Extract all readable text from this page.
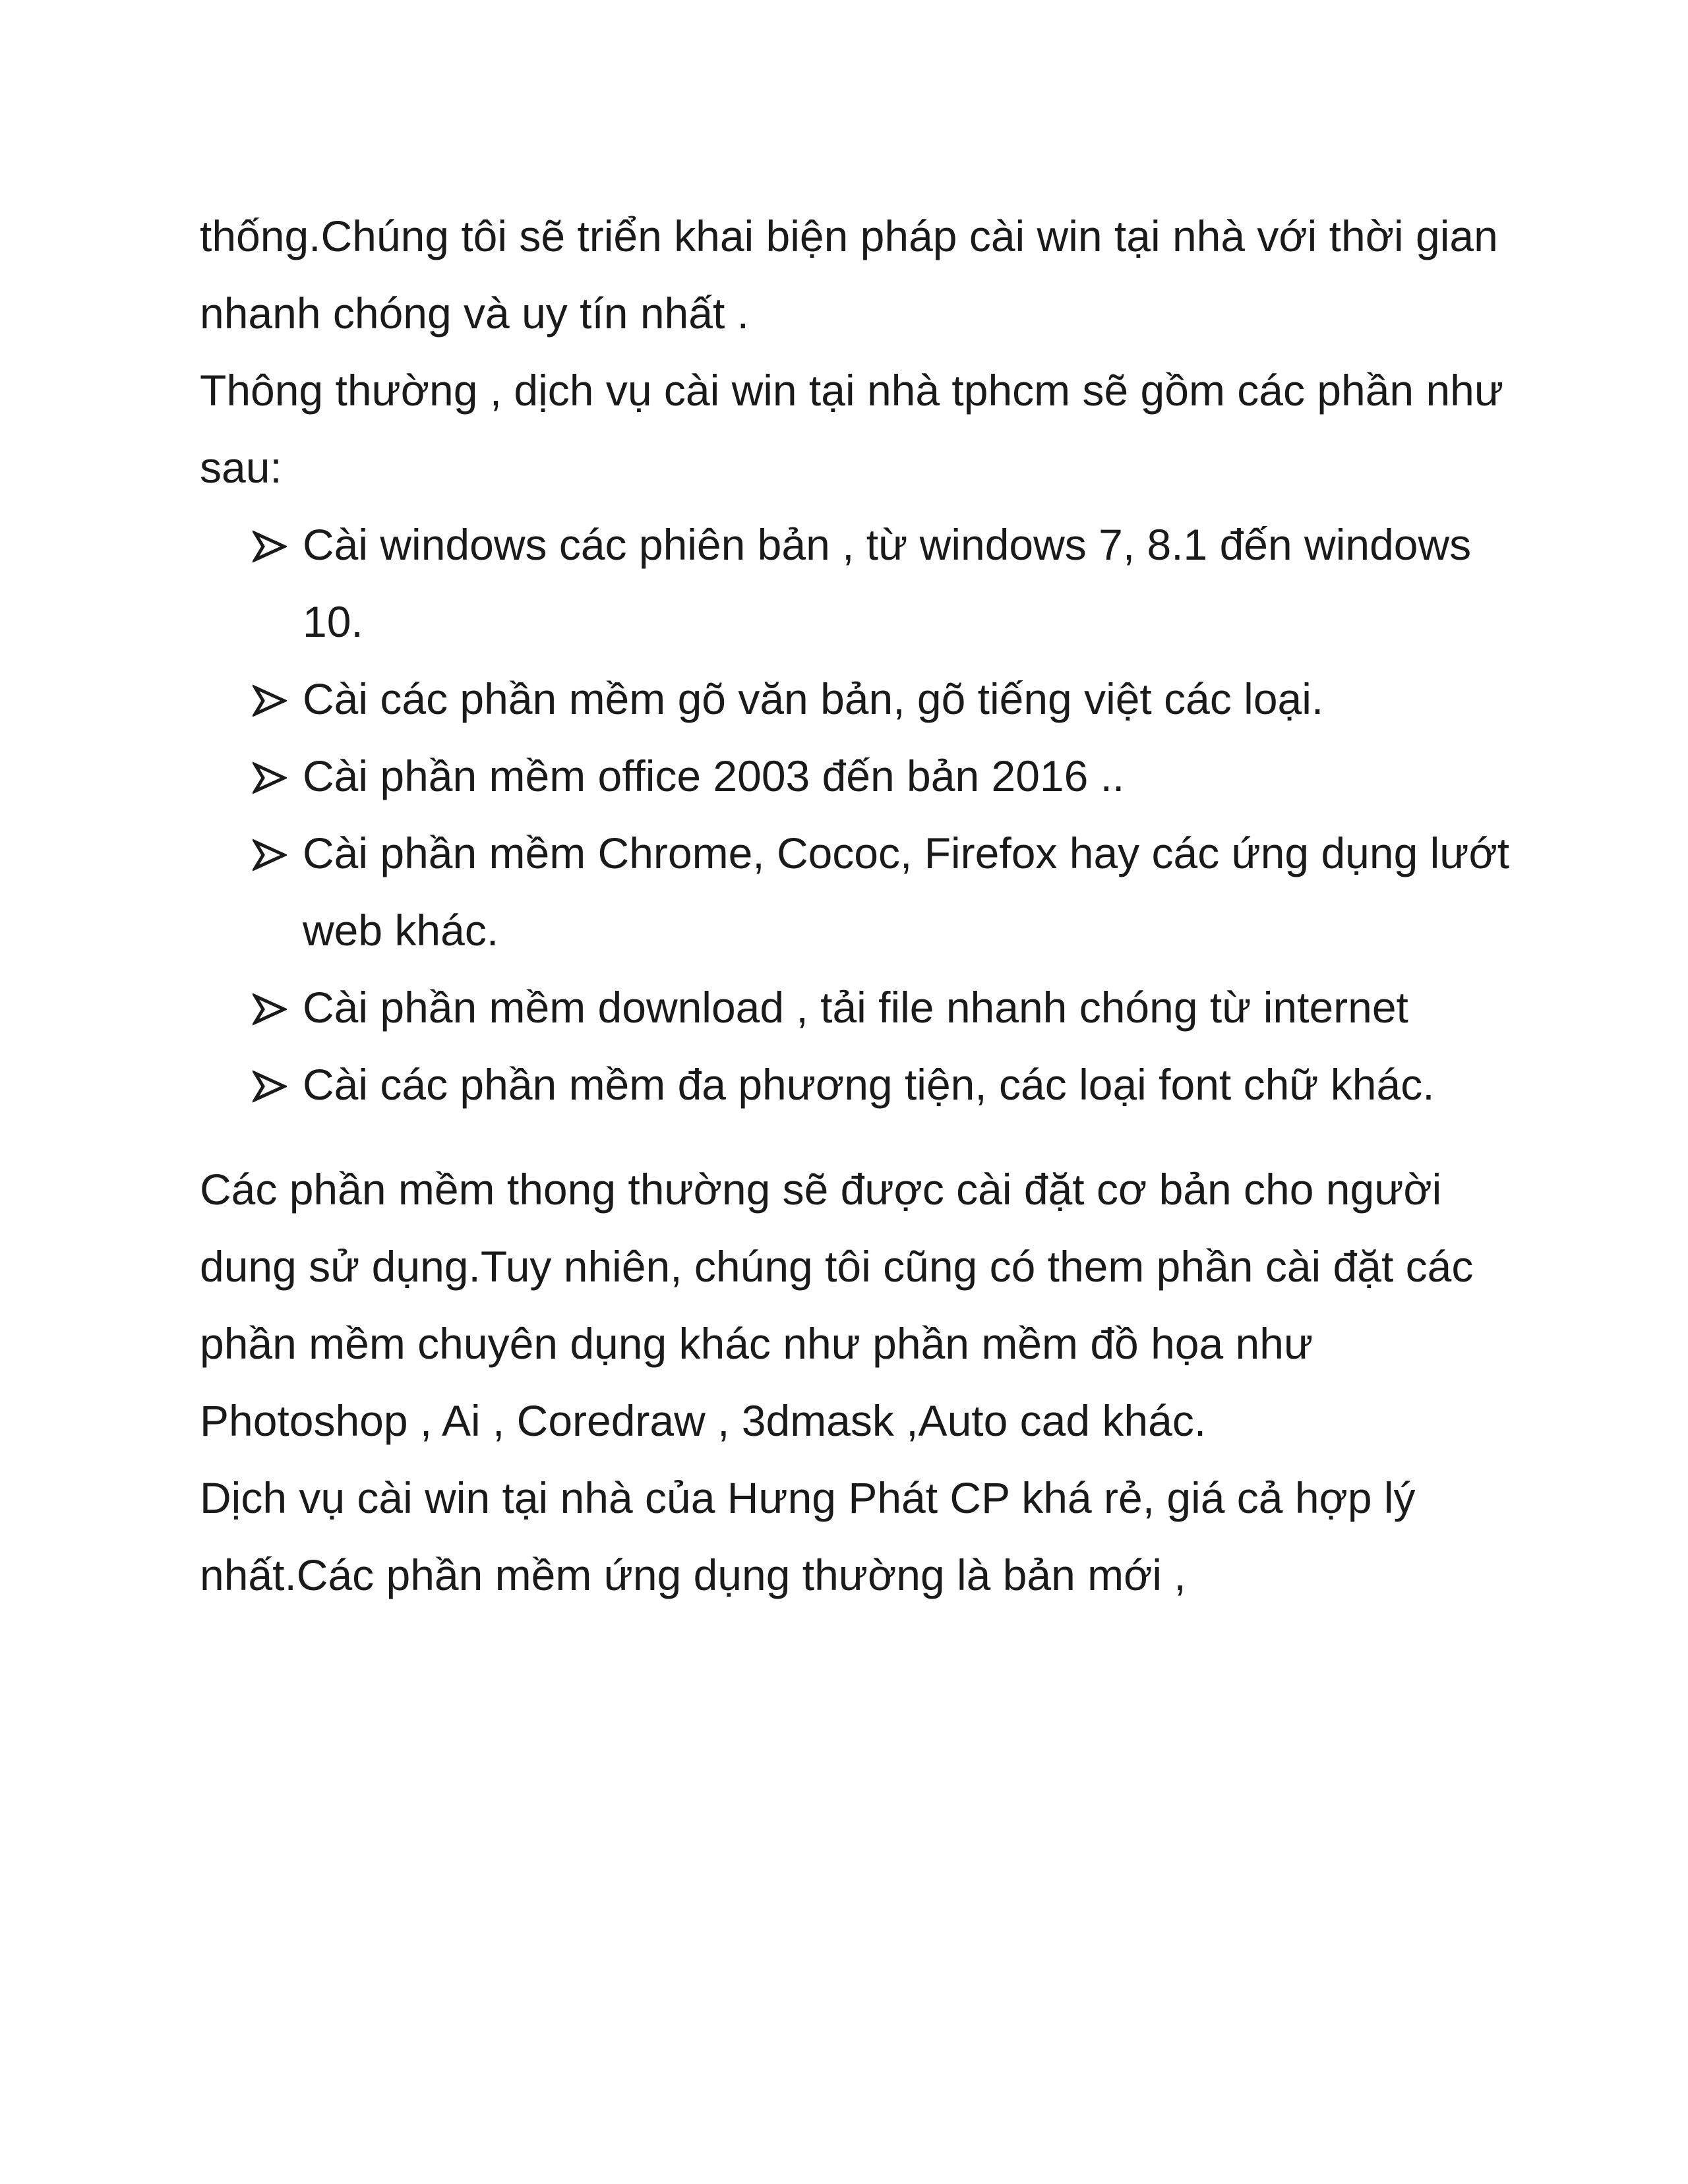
thống.Chúng tôi sẽ triển khai biện pháp cài win tại nhà với thời gian nhanh chóng và uy tín nhất .

Thông thường , dịch vụ cài win tại nhà tphcm sẽ gồm các phần như sau:

Cài windows các phiên bản , từ windows 7, 8.1 đến windows 10.
Cài các phần mềm gõ văn bản, gõ tiếng việt các loại.
Cài phần mềm office 2003 đến bản 2016 ..
Cài phần mềm Chrome, Cococ, Firefox hay các ứng dụng lướt web khác.
Cài phần mềm download , tải file nhanh chóng từ internet
Cài các phần mềm đa phương tiện, các loại font chữ khác.

Các phần mềm thong thường sẽ được cài đặt cơ bản cho người dung sử dụng.Tuy nhiên, chúng tôi cũng có them phần cài đặt các phần mềm chuyên dụng khác như phần mềm đồ họa như Photoshop , Ai , Coredraw , 3dmask ,Auto cad khác.

Dịch vụ cài win tại nhà của Hưng Phát CP khá rẻ, giá cả hợp lý nhất.Các phần mềm ứng dụng thường là bản mới ,
